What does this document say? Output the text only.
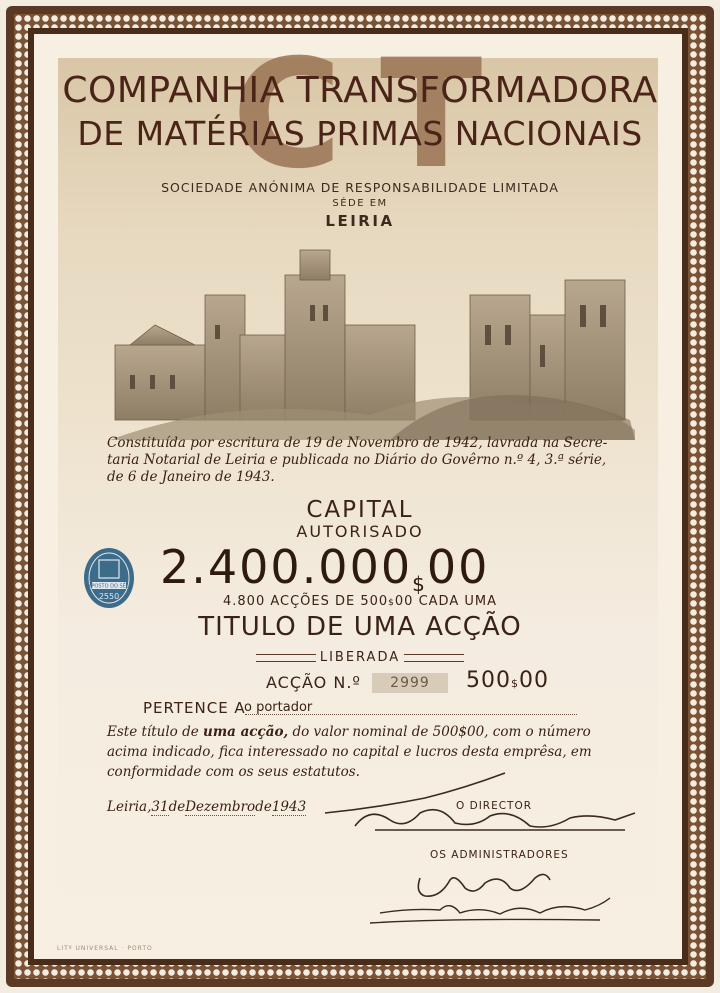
C T
COMPANHIA TRANSFORMADORA
DE MATÉRIAS PRIMAS NACIONAIS
SOCIEDADE ANÓNIMA DE RESPONSABILIDADE LIMITADA
SÉDE EM
LEIRIA
Constituída por escritura de 19 de Novembro de 1942, lavrada na Secre-
taria Notarial de Leiria e publicada no Diário do Govêrno n.º 4, 3.ª série,
de 6 de Janeiro de 1943.
CAPITAL
AUTORISADO
IMPOSTO DO SÊLO
2550
2.400.000$00
4.800 ACÇÕES DE 500$00 CADA UMA
TITULO DE UMA ACÇÃO
LIBERADA
ACÇÃO N.º	2999	500$00
PERTENCE A
o portador
Este título de uma acção, do valor nominal de 500$00, com o número acima indicado, fica interessado no capital e lucros desta emprêsa, em conformidade com os seus estatutos.
Leiria,31deDezembrode1943	O DIRECTOR
OS ADMINISTRADORES
LITº UNIVERSAL · PORTO
